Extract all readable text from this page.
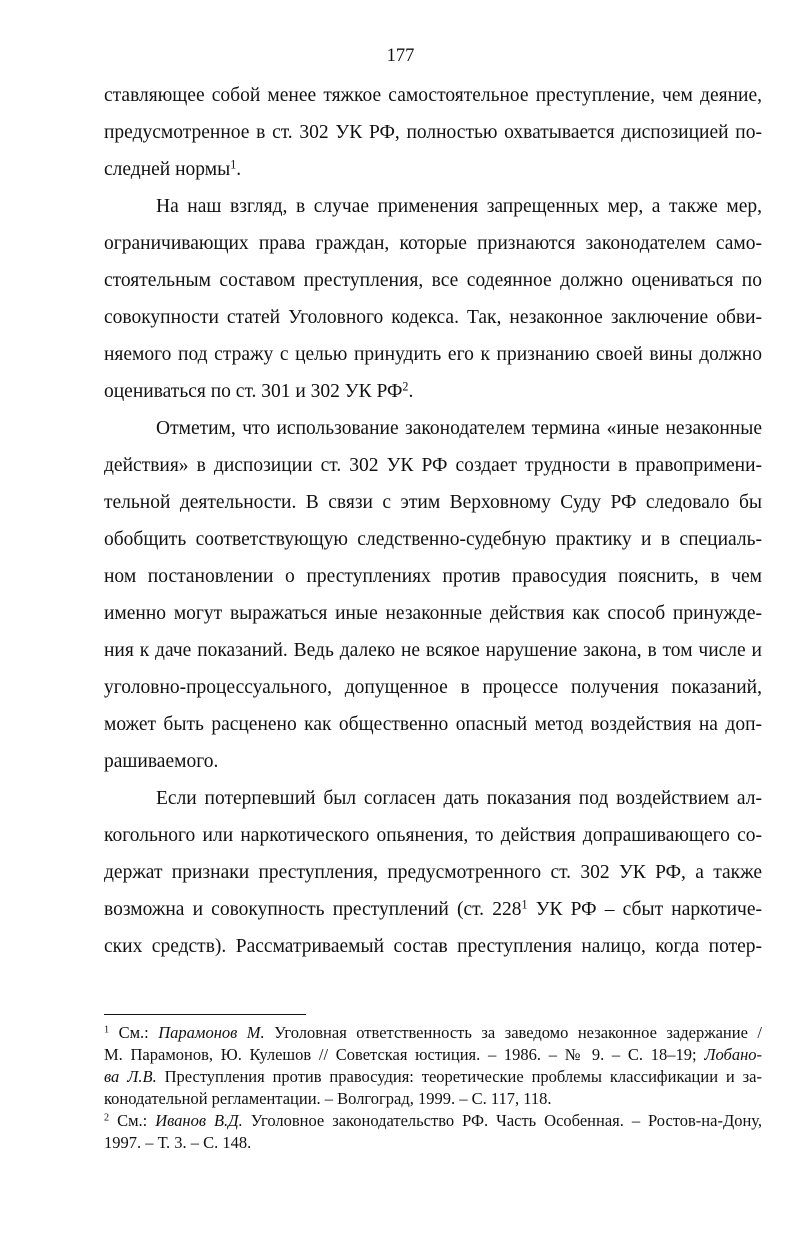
177
ставляющее собой менее тяжкое самостоятельное преступление, чем деяние,
предусмотренное в ст. 302 УК РФ, полностью охватывается диспозицией по-
следней нормы$^1$.
На наш взгляд, в случае применения запрещенных мер, а также мер,
ограничивающих права граждан, которые признаются законодателем само-
стоятельным составом преступления, все содеянное должно оцениваться по
совокупности статей Уголовного кодекса. Так, незаконное заключение обви-
няемого под стражу с целью принудить его к признанию своей вины должно
оцениваться по ст. 301 и 302 УК $РФ^2$.
Отметим, что использование законодателем термина «иные незаконные
действия» в диспозиции ст. 302 УК РФ создает трудности в правопримени-
тельной деятельности. В связи с этим Верховному Суду РФ следовало бы
обобщить соответствующую следственно-судебную практику и в специаль-
ном постановлении о преступлениях против правосудия пояснить, в чем
именно могут выражаться иные незаконные действия как способ принужде-
ния к даче показаний. Ведь далеко не всякое нарушение закона, в том числе и
уголовно-процессуального, допущенное в процессе получения показаний,
может быть расценено как общественно опасный метод воздействия на доп-
рашиваемого.
Если потерпевший был согласен дать показания под воздействием ал-
когольного или наркотического опьянения, то действия допрашивающего со-
держат признаки преступления, предусмотренного ст. 302 УК РФ, а также
возможна и совокупность преступлений (ст. $228^1$ УК РФ – сбыт наркотиче-
ских средств). Рассматриваемый состав преступления налицо, когда потер-
$^1$ См.: Парамонов М. Уголовная ответственность за заведомо незаконное задержание /
М. Парамонов, Ю. Кулешов // Советская юстиция. – 1986. – № 9. – С. 18–19; Лобано-
ва Л.В. Преступления против правосудия: теоретические проблемы классификации и за-
конодательной регламентации. – Волгоград, 1999. – С. 117, 118.
$^2$ См.: Иванов В.Д. Уголовное законодательство РФ. Часть Особенная. – Ростов-на-Дону,
1997. – Т. 3. – С. 148.
